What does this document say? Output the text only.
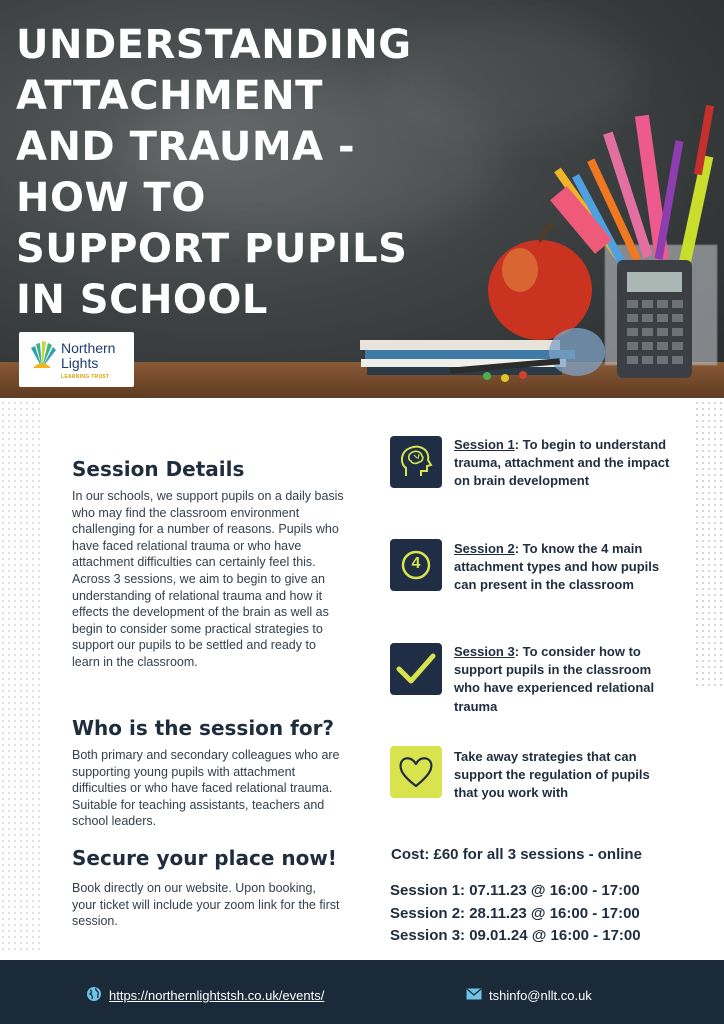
UNDERSTANDING
ATTACHMENT
AND TRAUMA -
HOW TO
SUPPORT PUPILS
IN SCHOOL
Northern
Lights
LEARNING TRUST
Session Details

In our schools, we support pupils on a daily basis who may find the classroom environment challenging for a number of reasons. Pupils who have faced relational trauma or who have attachment difficulties can certainly feel this. Across 3 sessions, we aim to begin to give an understanding of relational trauma and how it effects the development of the brain as well as begin to consider some practical strategies to support our pupils to be settled and ready to learn in the classroom.

Who is the session for?

Both primary and secondary colleagues who are supporting young pupils with attachment difficulties or who have faced relational trauma. Suitable for teaching assistants, teachers and school leaders.

Secure your place now!

Book directly on our website. Upon booking, your ticket will include your zoom link for the first session.

Session 1: To begin to understand trauma, attachment and the impact on brain development

4

Session 2: To know the 4 main attachment types and how pupils can present in the classroom

Session 3: To consider how to support pupils in the classroom who have experienced relational trauma

Take away strategies that can support the regulation of pupils that you work with

Cost: £60 for all 3 sessions - online

Session 1: 07.11.23 @ 16:00 - 17:00
Session 2: 28.11.23 @ 16:00 - 17:00
Session 3: 09.01.24 @ 16:00 - 17:00
https://northernlightstsh.co.uk/events/	tshinfo@nllt.co.uk
